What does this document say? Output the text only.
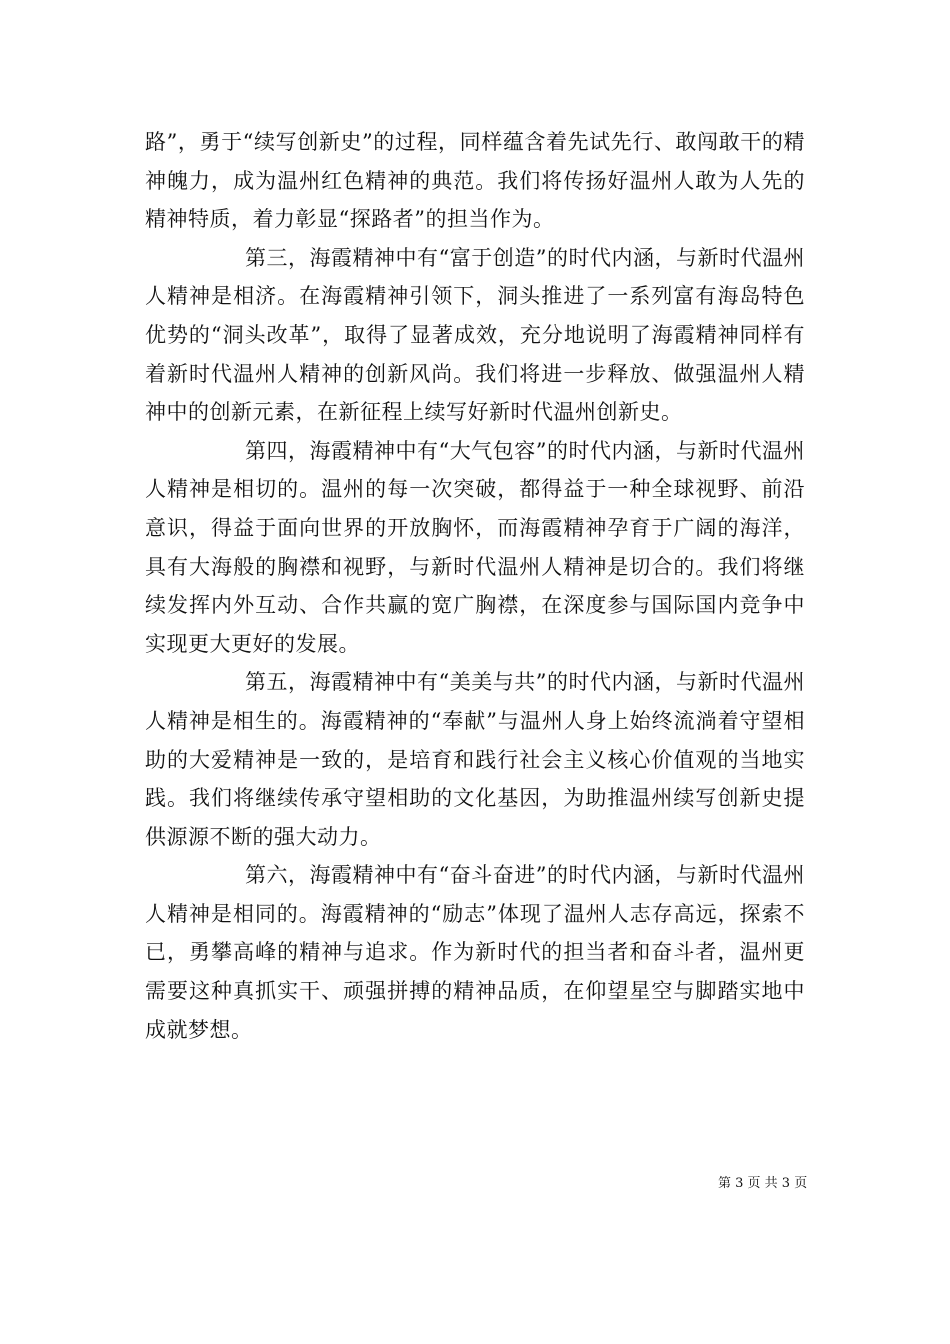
路”，勇于“续写创新史”的过程，同样蕴含着先试先行、敢闯敢干的精神魄力，成为温州红色精神的典范。我们将传扬好温州人敢为人先的精神特质，着力彰显“探路者”的担当作为。

第三，海霞精神中有“富于创造”的时代内涵，与新时代温州人精神是相济。在海霞精神引领下，洞头推进了一系列富有海岛特色优势的“洞头改革”，取得了显著成效，充分地说明了海霞精神同样有着新时代温州人精神的创新风尚。我们将进一步释放、做强温州人精神中的创新元素，在新征程上续写好新时代温州创新史。

第四，海霞精神中有“大气包容”的时代内涵，与新时代温州人精神是相切的。温州的每一次突破，都得益于一种全球视野、前沿意识，得益于面向世界的开放胸怀，而海霞精神孕育于广阔的海洋，具有大海般的胸襟和视野，与新时代温州人精神是切合的。我们将继续发挥内外互动、合作共赢的宽广胸襟，在深度参与国际国内竞争中实现更大更好的发展。

第五，海霞精神中有“美美与共”的时代内涵，与新时代温州人精神是相生的。海霞精神的“奉献”与温州人身上始终流淌着守望相助的大爱精神是一致的，是培育和践行社会主义核心价值观的当地实践。我们将继续传承守望相助的文化基因，为助推温州续写创新史提供源源不断的强大动力。

第六，海霞精神中有“奋斗奋进”的时代内涵，与新时代温州人精神是相同的。海霞精神的“励志”体现了温州人志存高远，探索不已，勇攀高峰的精神与追求。作为新时代的担当者和奋斗者，温州更需要这种真抓实干、顽强拼搏的精神品质，在仰望星空与脚踏实地中成就梦想。

第 3 页 共 3 页
